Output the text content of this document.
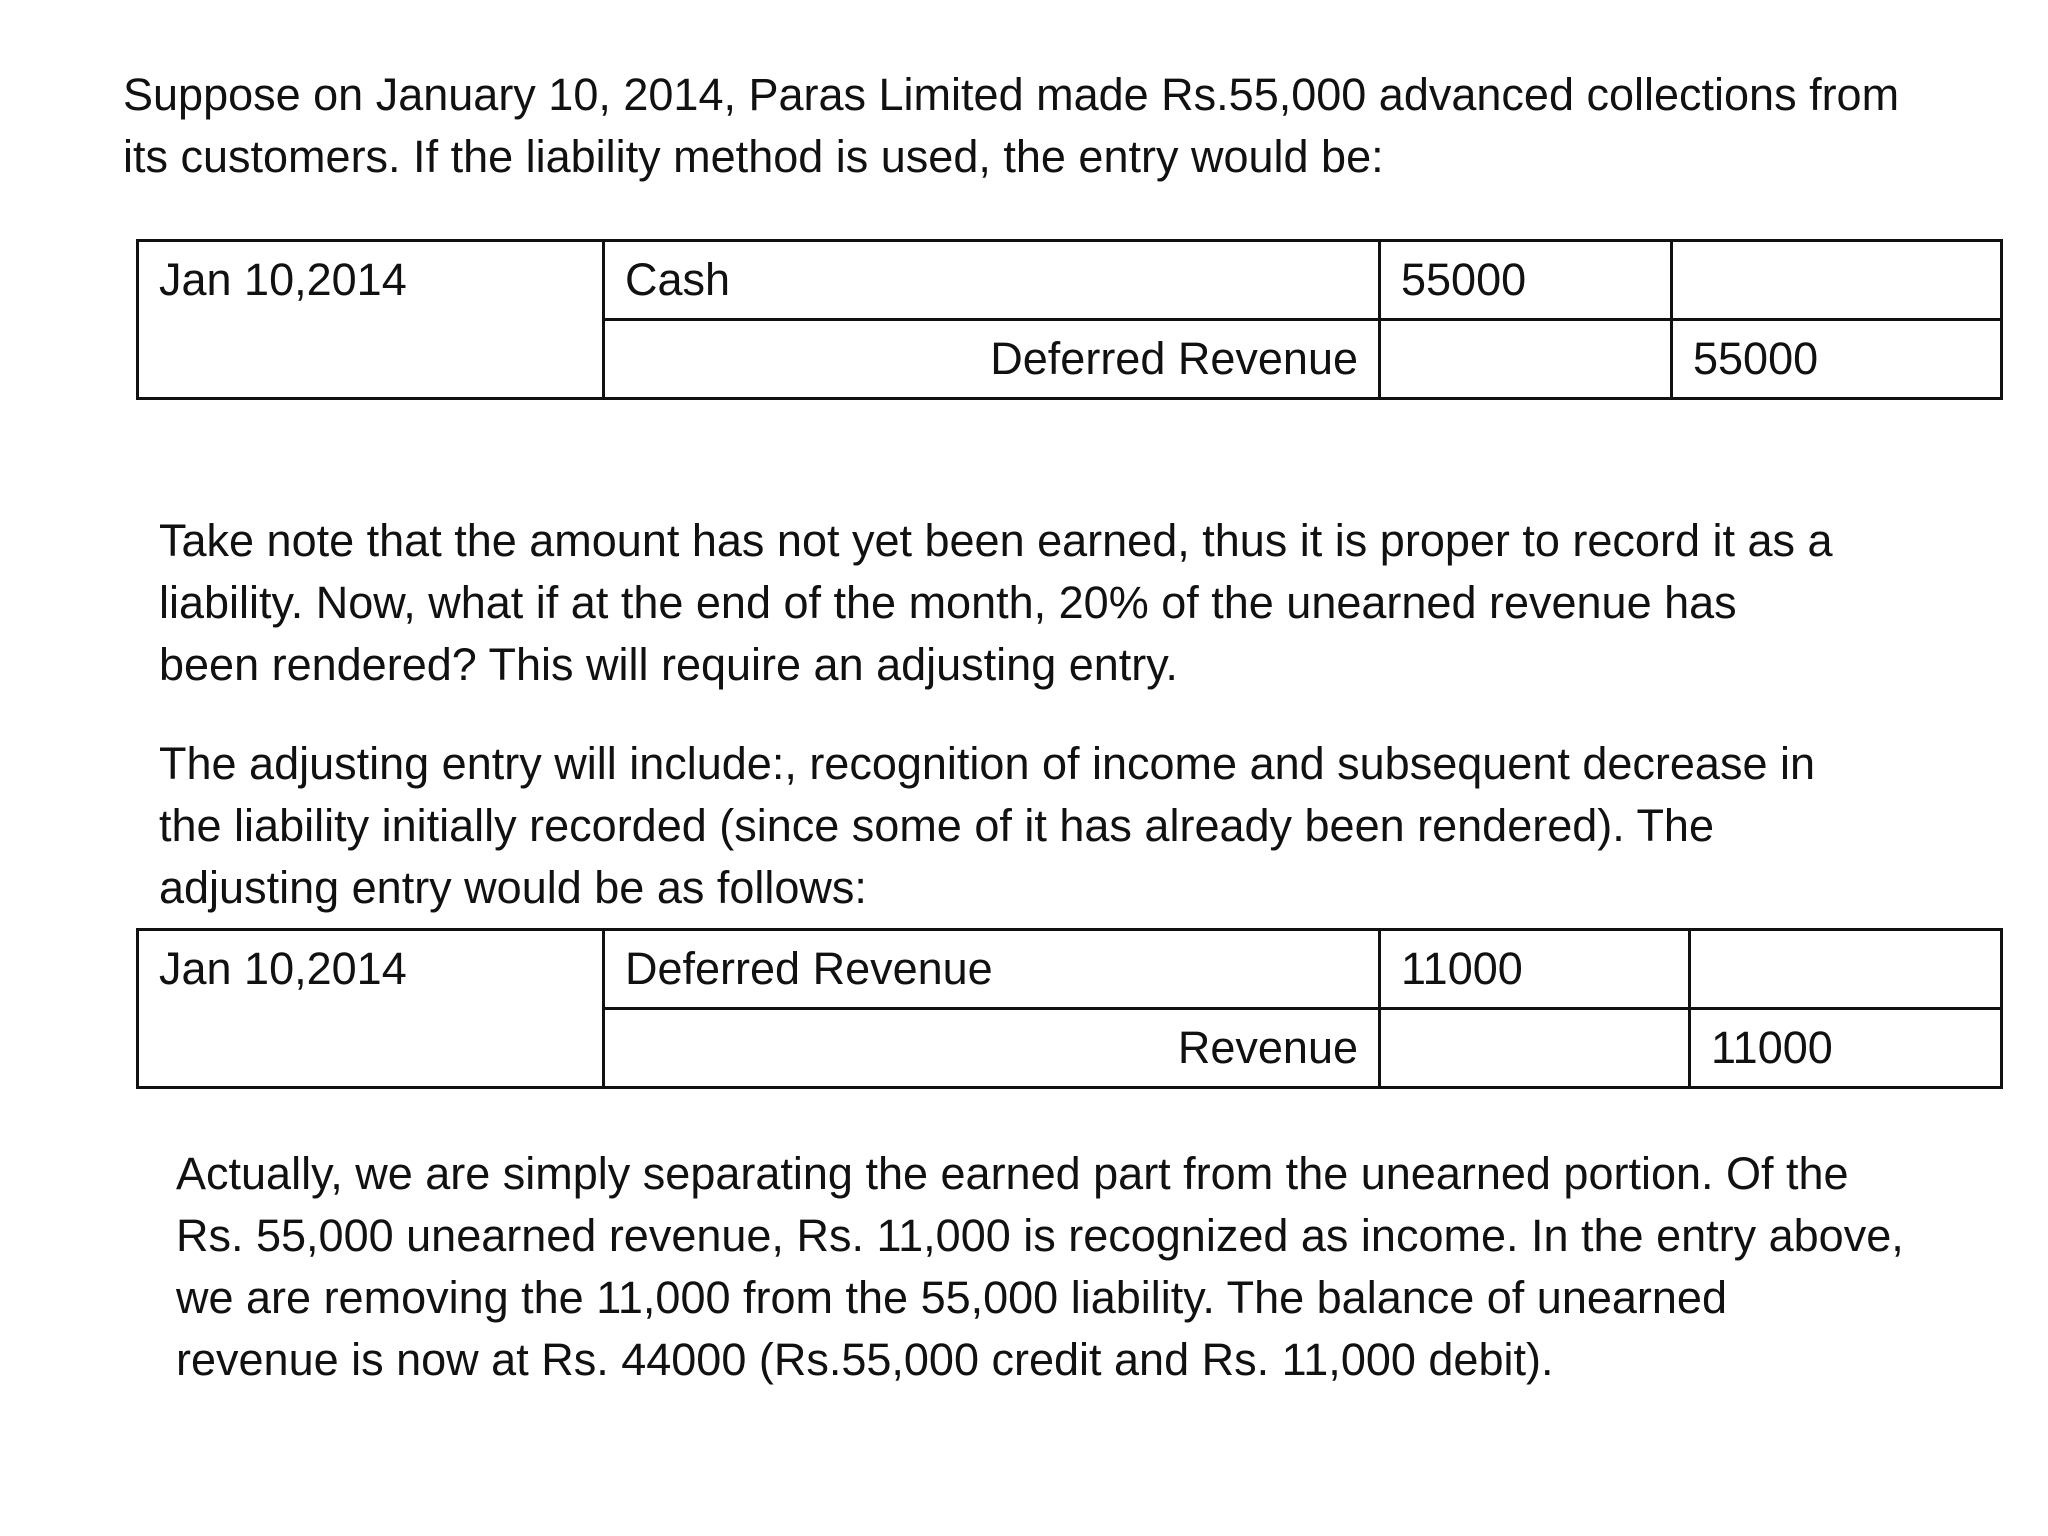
Suppose on January 10, 2014, Paras Limited made Rs.55,000 advanced collections from
its customers. If the liability method is used, the entry would be:

Jan 10,2014	Cash	55000	
	Deferred Revenue		55000

Take note that the amount has not yet been earned, thus it is proper to record it as a
liability. Now, what if at the end of the month, 20% of the unearned revenue has
been rendered? This will require an adjusting entry.

The adjusting entry will include:, recognition of income and subsequent decrease in
the liability initially recorded (since some of it has already been rendered). The
adjusting entry would be as follows:

Jan 10,2014	Deferred Revenue	11000	
	Revenue		11000

Actually, we are simply separating the earned part from the unearned portion. Of the
Rs. 55,000 unearned revenue, Rs. 11,000 is recognized as income. In the entry above,
we are removing the 11,000 from the 55,000 liability. The balance of unearned
revenue is now at Rs. 44000 (Rs.55,000 credit and Rs. 11,000 debit).
